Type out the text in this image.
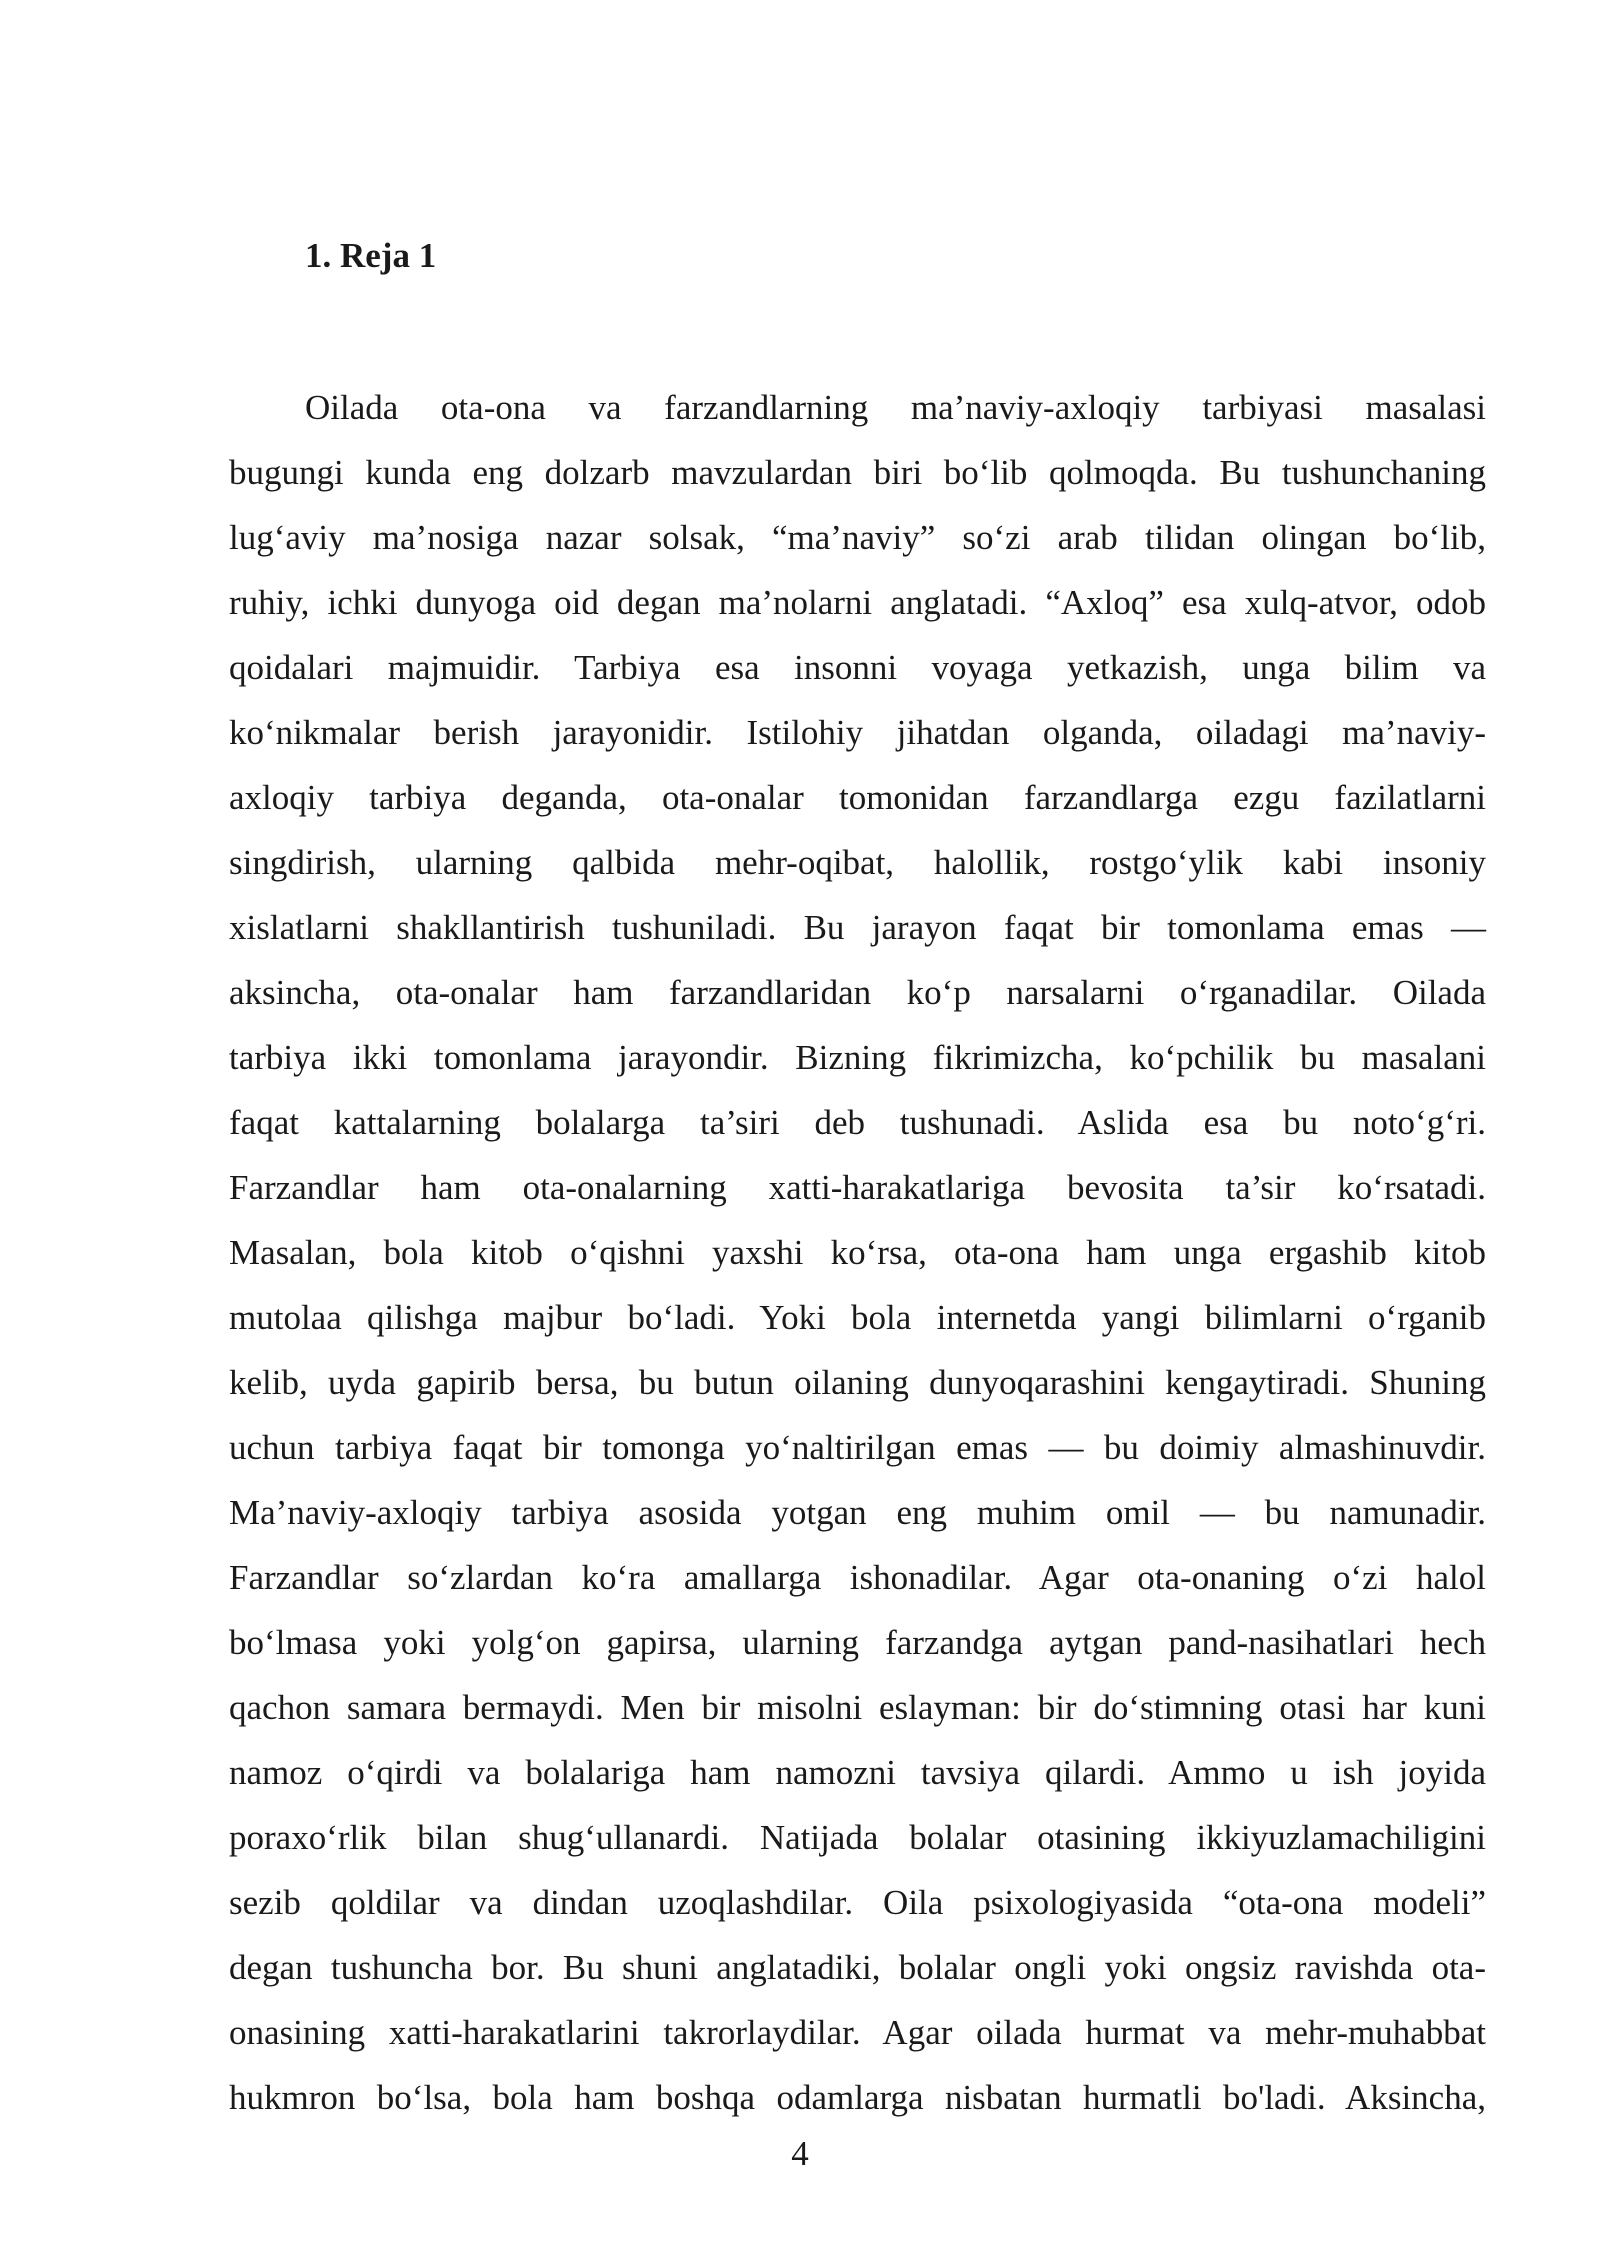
1. Reja 1
Oilada ota-ona va farzandlarning ma’naviy-axloqiy tarbiyasi masalasi
bugungi kunda eng dolzarb mavzulardan biri bo‘lib qolmoqda. Bu tushunchaning
lug‘aviy ma’nosiga nazar solsak, “ma’naviy” so‘zi arab tilidan olingan bo‘lib,
ruhiy, ichki dunyoga oid degan ma’nolarni anglatadi. “Axloq” esa xulq-atvor, odob
qoidalari majmuidir. Tarbiya esa insonni voyaga yetkazish, unga bilim va
ko‘nikmalar berish jarayonidir. Istilohiy jihatdan olganda, oiladagi ma’naviy-
axloqiy tarbiya deganda, ota-onalar tomonidan farzandlarga ezgu fazilatlarni
singdirish, ularning qalbida mehr-oqibat, halollik, rostgo‘ylik kabi insoniy
xislatlarni shakllantirish tushuniladi. Bu jarayon faqat bir tomonlama emas —
aksincha, ota-onalar ham farzandlaridan ko‘p narsalarni o‘rganadilar. Oilada
tarbiya ikki tomonlama jarayondir. Bizning fikrimizcha, ko‘pchilik bu masalani
faqat kattalarning bolalarga ta’siri deb tushunadi. Aslida esa bu noto‘g‘ri.
Farzandlar ham ota-onalarning xatti-harakatlariga bevosita ta’sir ko‘rsatadi.
Masalan, bola kitob o‘qishni yaxshi ko‘rsa, ota-ona ham unga ergashib kitob
mutolaa qilishga majbur bo‘ladi. Yoki bola internetda yangi bilimlarni o‘rganib
kelib, uyda gapirib bersa, bu butun oilaning dunyoqarashini kengaytiradi. Shuning
uchun tarbiya faqat bir tomonga yo‘naltirilgan emas — bu doimiy almashinuvdir.
Ma’naviy-axloqiy tarbiya asosida yotgan eng muhim omil — bu namunadir.
Farzandlar so‘zlardan ko‘ra amallarga ishonadilar. Agar ota-onaning o‘zi halol
bo‘lmasa yoki yolg‘on gapirsa, ularning farzandga aytgan pand-nasihatlari hech
qachon samara bermaydi. Men bir misolni eslayman: bir do‘stimning otasi har kuni
namoz o‘qirdi va bolalariga ham namozni tavsiya qilardi. Ammo u ish joyida
poraxo‘rlik bilan shug‘ullanardi. Natijada bolalar otasining ikkiyuzlamachiligini
sezib qoldilar va dindan uzoqlashdilar. Oila psixologiyasida “ota-ona modeli”
degan tushuncha bor. Bu shuni anglatadiki, bolalar ongli yoki ongsiz ravishda ota-
onasining xatti-harakatlarini takrorlaydilar. Agar oilada hurmat va mehr-muhabbat
hukmron bo‘lsa, bola ham boshqa odamlarga nisbatan hurmatli bo'ladi. Aksincha,
4
